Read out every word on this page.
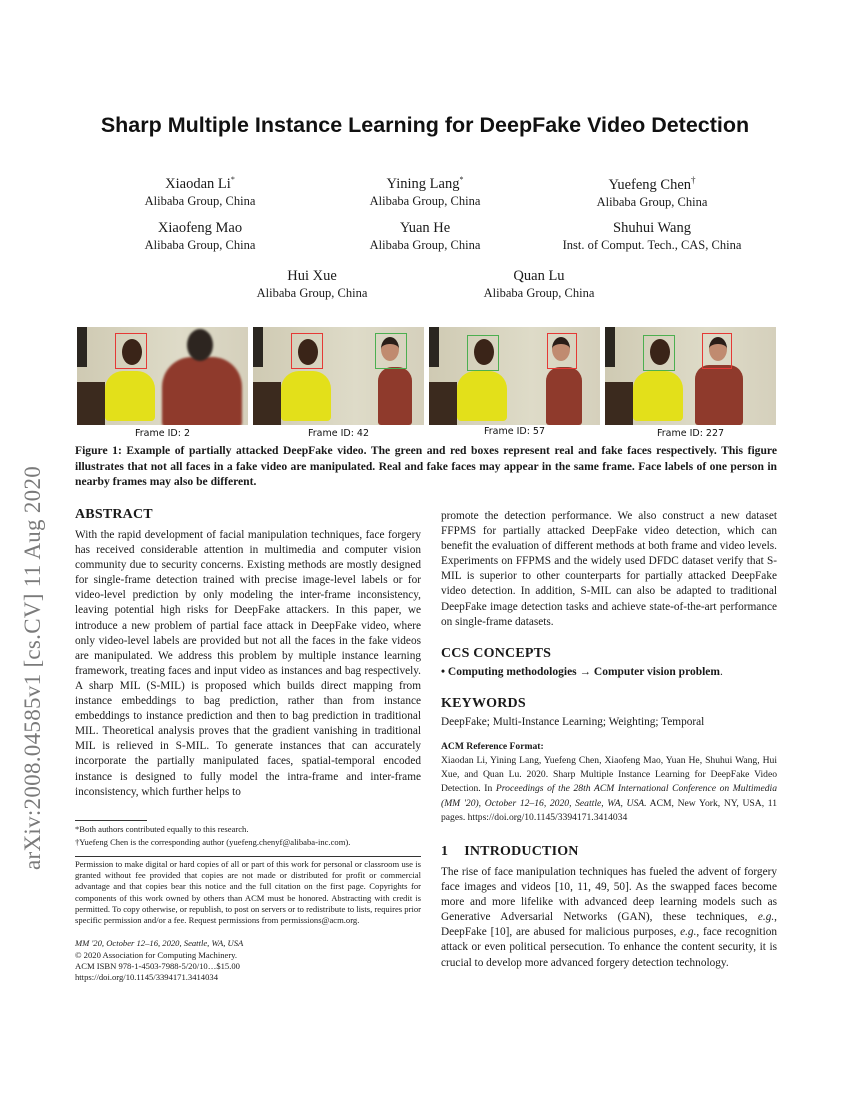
arXiv:2008.04585v1 [cs.CV] 11 Aug 2020
Sharp Multiple Instance Learning for DeepFake Video Detection
Xiaodan Li*
Alibaba Group, China
Yining Lang*
Alibaba Group, China
Yuefeng Chen†
Alibaba Group, China
Xiaofeng Mao
Alibaba Group, China
Yuan He
Alibaba Group, China
Shuhui Wang
Inst. of Comput. Tech., CAS, China
Hui Xue
Alibaba Group, China
Quan Lu
Alibaba Group, China
Frame ID: 2	Frame ID: 42	Frame ID: 57	Frame ID: 227
Figure 1: Example of partially attacked DeepFake video. The green and red boxes represent real and fake faces respectively. This figure illustrates that not all faces in a fake video are manipulated. Real and fake faces may appear in the same frame. Face labels of one person in nearby frames may also be different.
ABSTRACT
With the rapid development of facial manipulation techniques, face forgery has received considerable attention in multimedia and computer vision community due to security concerns. Existing methods are mostly designed for single-frame detection trained with precise image-level labels or for video-level prediction by only modeling the inter-frame inconsistency, leaving potential high risks for DeepFake attackers. In this paper, we introduce a new problem of partial face attack in DeepFake video, where only video-level labels are provided but not all the faces in the fake videos are manipulated. We address this problem by multiple instance learning framework, treating faces and input video as instances and bag respectively. A sharp MIL (S-MIL) is proposed which builds direct mapping from instance embeddings to bag prediction, rather than from instance embeddings to instance prediction and then to bag prediction in traditional MIL. Theoretical analysis proves that the gradient vanishing in traditional MIL is relieved in S-MIL. To generate instances that can accurately incorporate the partially manipulated faces, spatial-temporal encoded instance is designed to fully model the intra-frame and inter-frame inconsistency, which further helps to
*Both authors contributed equally to this research.
†Yuefeng Chen is the corresponding author (yuefeng.chenyf@alibaba-inc.com).
Permission to make digital or hard copies of all or part of this work for personal or classroom use is granted without fee provided that copies are not made or distributed for profit or commercial advantage and that copies bear this notice and the full citation on the first page. Copyrights for components of this work owned by others than ACM must be honored. Abstracting with credit is permitted. To copy otherwise, or republish, to post on servers or to redistribute to lists, requires prior specific permission and/or a fee. Request permissions from permissions@acm.org.
MM '20, October 12–16, 2020, Seattle, WA, USA
© 2020 Association for Computing Machinery.
ACM ISBN 978-1-4503-7988-5/20/10…$15.00
https://doi.org/10.1145/3394171.3414034
promote the detection performance. We also construct a new dataset FFPMS for partially attacked DeepFake video detection, which can benefit the evaluation of different methods at both frame and video levels. Experiments on FFPMS and the widely used DFDC dataset verify that S-MIL is superior to other counterparts for partially attacked DeepFake video detection. In addition, S-MIL can also be adapted to traditional DeepFake image detection tasks and achieve state-of-the-art performance on single-frame datasets.
CCS CONCEPTS
• Computing methodologies → Computer vision problem.
KEYWORDS
DeepFake; Multi-Instance Learning; Weighting; Temporal
ACM Reference Format:
Xiaodan Li, Yining Lang, Yuefeng Chen, Xiaofeng Mao, Yuan He, Shuhui Wang, Hui Xue, and Quan Lu. 2020. Sharp Multiple Instance Learning for DeepFake Video Detection. In Proceedings of the 28th ACM International Conference on Multimedia (MM '20), October 12–16, 2020, Seattle, WA, USA. ACM, New York, NY, USA, 11 pages. https://doi.org/10.1145/3394171.3414034
1 INTRODUCTION
The rise of face manipulation techniques has fueled the advent of forgery face images and videos [10, 11, 49, 50]. As the swapped faces become more and more lifelike with advanced deep learning models such as Generative Adversarial Networks (GAN), these techniques, e.g., DeepFake [10], are abused for malicious purposes, e.g., face recognition attack or even political persecution. To enhance the content security, it is crucial to develop more advanced forgery detection technology.
